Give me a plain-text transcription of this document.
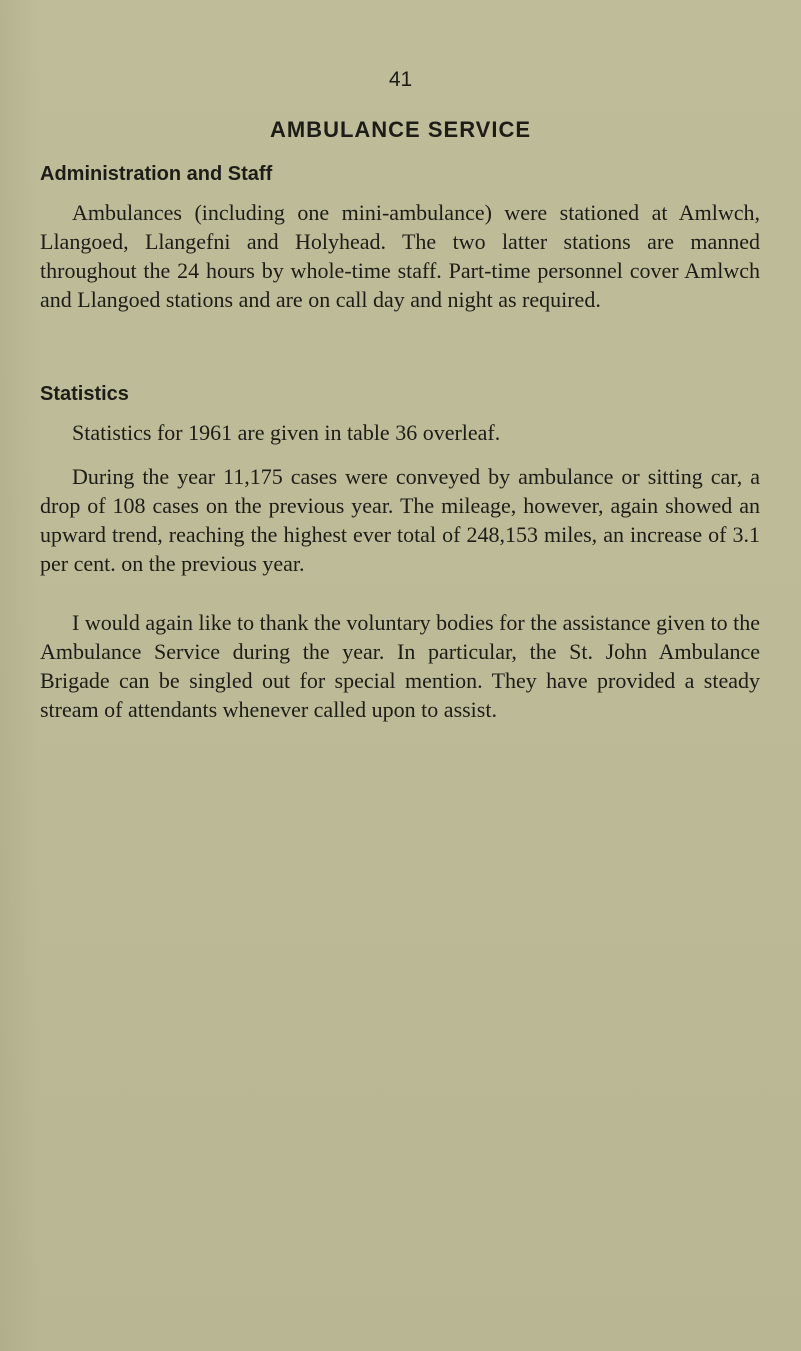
41
AMBULANCE SERVICE
Administration and Staff

Ambulances (including one mini-ambulance) were stationed at Amlwch, Llangoed, Llangefni and Holyhead. The two latter stations are manned throughout the 24 hours by whole-time staff. Part-time personnel cover Amlwch and Llangoed stations and are on call day and night as required.

Statistics

Statistics for 1961 are given in table 36 overleaf.

During the year 11,175 cases were conveyed by ambulance or sitting car, a drop of 108 cases on the previous year. The mileage, however, again showed an upward trend, reaching the highest ever total of 248,153 miles, an increase of 3.1 per cent. on the previous year.

I would again like to thank the voluntary bodies for the assistance given to the Ambulance Service during the year. In particular, the St. John Ambulance Brigade can be singled out for special mention. They have provided a steady stream of attendants whenever called upon to assist.
